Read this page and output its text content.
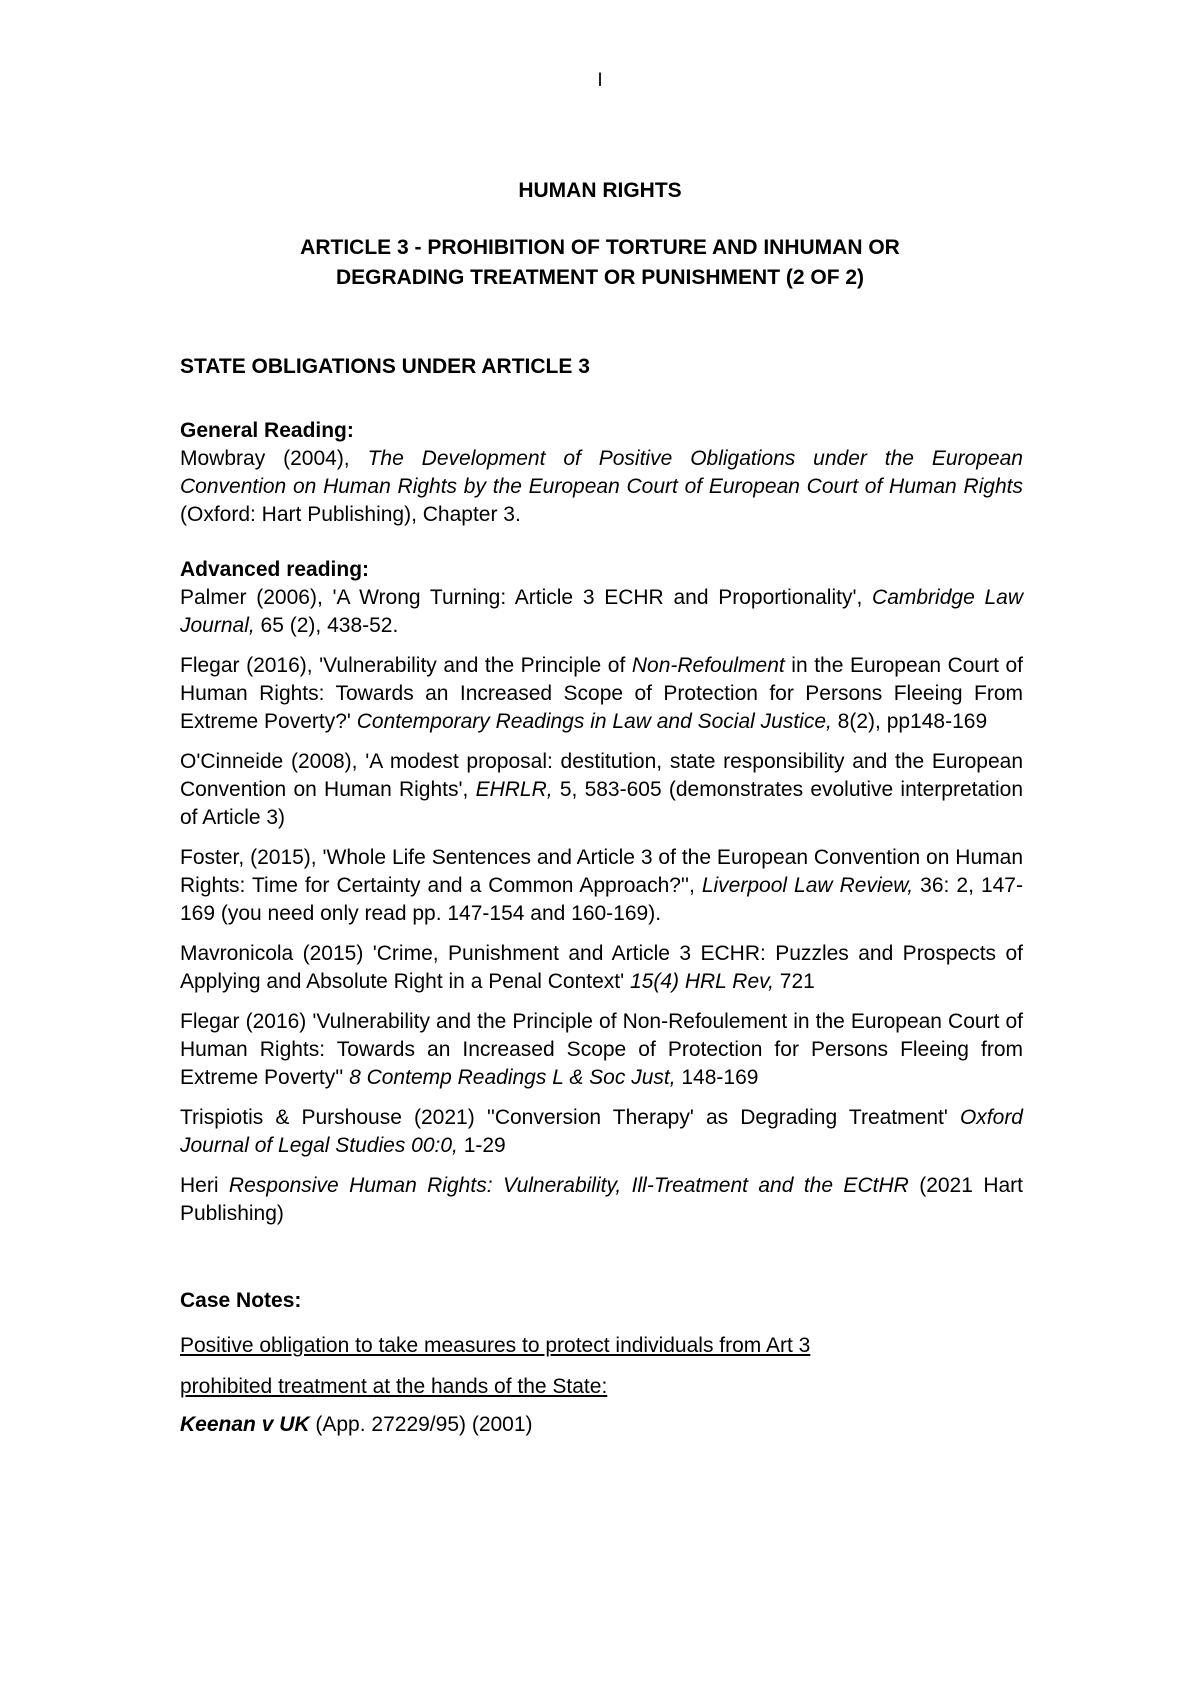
I
HUMAN RIGHTS
ARTICLE 3 - PROHIBITION OF TORTURE AND INHUMAN OR DEGRADING TREATMENT OR PUNISHMENT (2 OF 2)
STATE OBLIGATIONS UNDER ARTICLE 3
General Reading:

Mowbray (2004), The Development of Positive Obligations under the European Convention on Human Rights by the European Court of European Court of Human Rights (Oxford: Hart Publishing), Chapter 3.

Advanced reading:

Palmer (2006), 'A Wrong Turning: Article 3 ECHR and Proportionality', Cambridge Law Journal, 65 (2), 438-52.

Flegar (2016), 'Vulnerability and the Principle of Non-Refoulment in the European Court of Human Rights: Towards an Increased Scope of Protection for Persons Fleeing From Extreme Poverty?' Contemporary Readings in Law and Social Justice, 8(2), pp148-169

O'Cinneide (2008), 'A modest proposal: destitution, state responsibility and the European Convention on Human Rights', EHRLR, 5, 583-605 (demonstrates evolutive interpretation of Article 3)

Foster, (2015), 'Whole Life Sentences and Article 3 of the European Convention on Human Rights: Time for Certainty and a Common Approach?'', Liverpool Law Review, 36: 2, 147-169 (you need only read pp. 147-154 and 160-169).

Mavronicola (2015) 'Crime, Punishment and Article 3 ECHR: Puzzles and Prospects of Applying and Absolute Right in a Penal Context' 15(4) HRL Rev, 721

Flegar (2016) 'Vulnerability and the Principle of Non-Refoulement in the European Court of Human Rights: Towards an Increased Scope of Protection for Persons Fleeing from Extreme Poverty'' 8 Contemp Readings L & Soc Just, 148-169

Trispiotis & Purshouse (2021) ''Conversion Therapy' as Degrading Treatment' Oxford Journal of Legal Studies 00:0, 1-29

Heri Responsive Human Rights: Vulnerability, Ill-Treatment and the ECtHR (2021 Hart Publishing)

Case Notes:
Positive obligation to take measures to protect individuals from Art 3
prohibited treatment at the hands of the State:
Keenan v UK (App. 27229/95) (2001)
